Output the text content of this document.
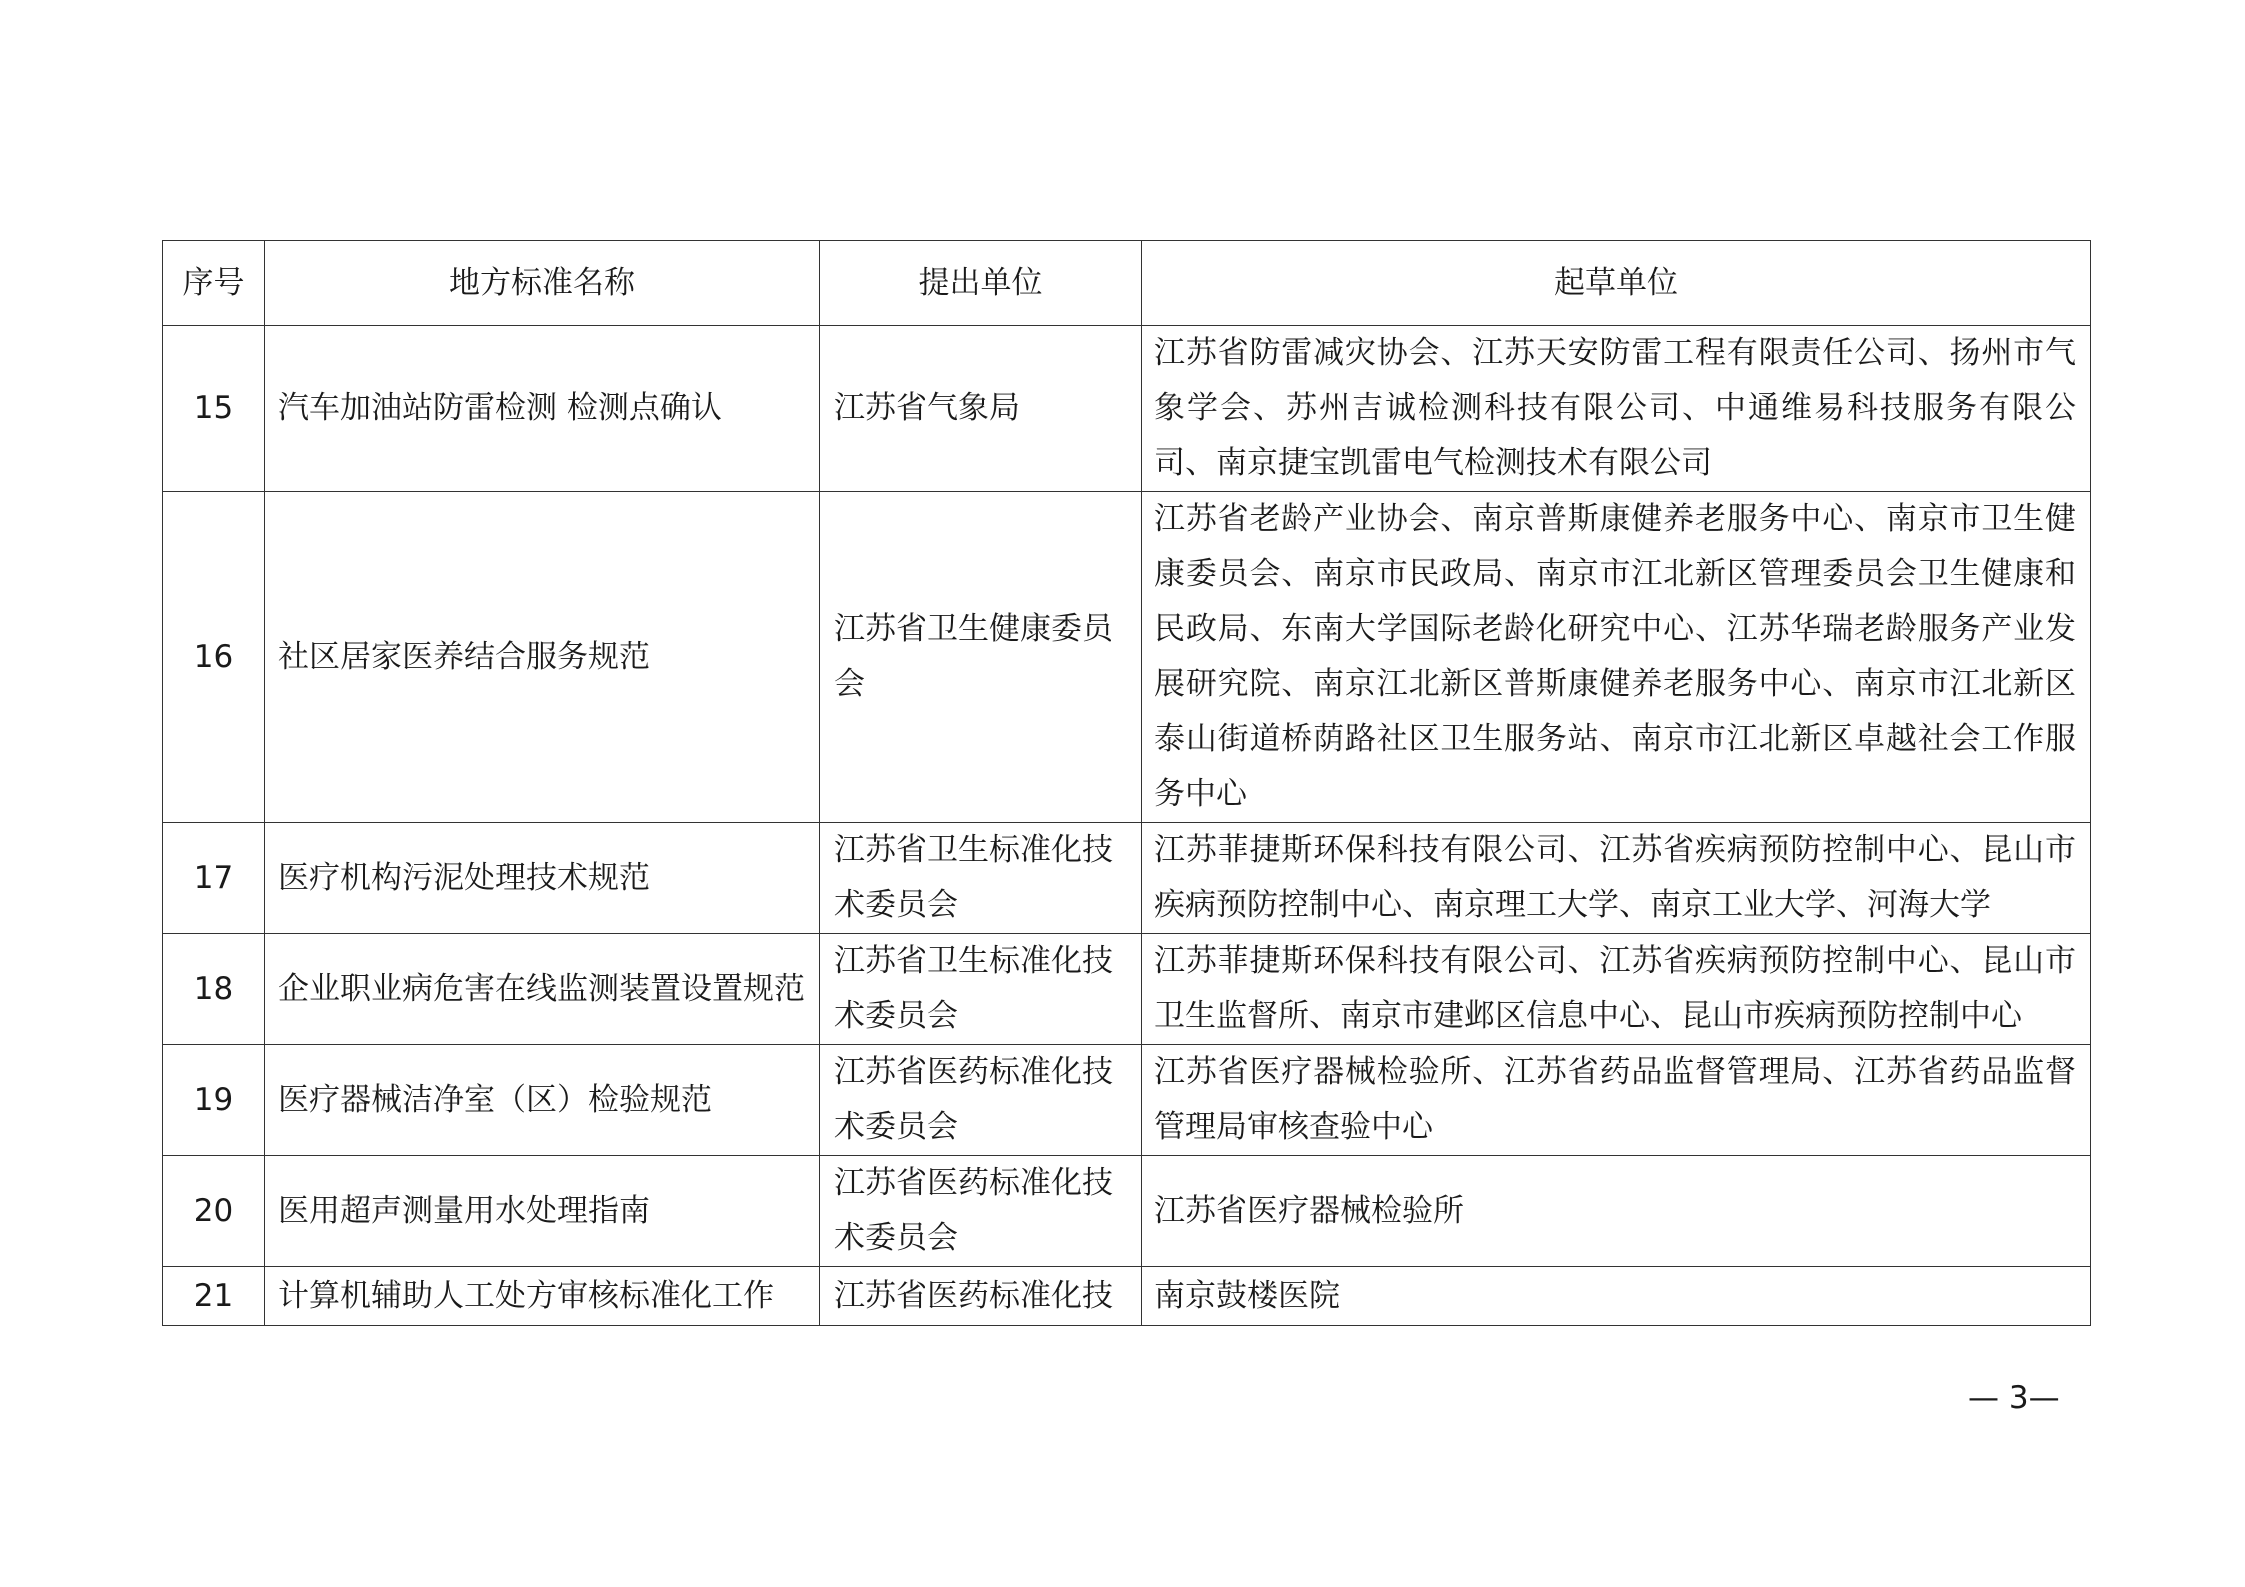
序号	地方标准名称	提出单位	起草单位
15	汽车加油站防雷检测 检测点确认	江苏省气象局	江苏省防雷减灾协会、江苏天安防雷工程有限责任公司、扬州市气象学会、苏州吉诚检测科技有限公司、中通维易科技服务有限公司、南京捷宝凯雷电气检测技术有限公司
16	社区居家医养结合服务规范	江苏省卫生健康委员会	江苏省老龄产业协会、南京普斯康健养老服务中心、南京市卫生健康委员会、南京市民政局、南京市江北新区管理委员会卫生健康和民政局、东南大学国际老龄化研究中心、江苏华瑞老龄服务产业发展研究院、南京江北新区普斯康健养老服务中心、南京市江北新区泰山街道桥荫路社区卫生服务站、南京市江北新区卓越社会工作服务中心
17	医疗机构污泥处理技术规范	江苏省卫生标准化技术委员会	江苏菲捷斯环保科技有限公司、江苏省疾病预防控制中心、昆山市疾病预防控制中心、南京理工大学、南京工业大学、河海大学
18	企业职业病危害在线监测装置设置规范	江苏省卫生标准化技术委员会	江苏菲捷斯环保科技有限公司、江苏省疾病预防控制中心、昆山市卫生监督所、南京市建邺区信息中心、昆山市疾病预防控制中心
19	医疗器械洁净室（区）检验规范	江苏省医药标准化技术委员会	江苏省医疗器械检验所、江苏省药品监督管理局、江苏省药品监督管理局审核查验中心
20	医用超声测量用水处理指南	江苏省医药标准化技术委员会	江苏省医疗器械检验所
21	计算机辅助人工处方审核标准化工作	江苏省医药标准化技	南京鼓楼医院
— 3—
